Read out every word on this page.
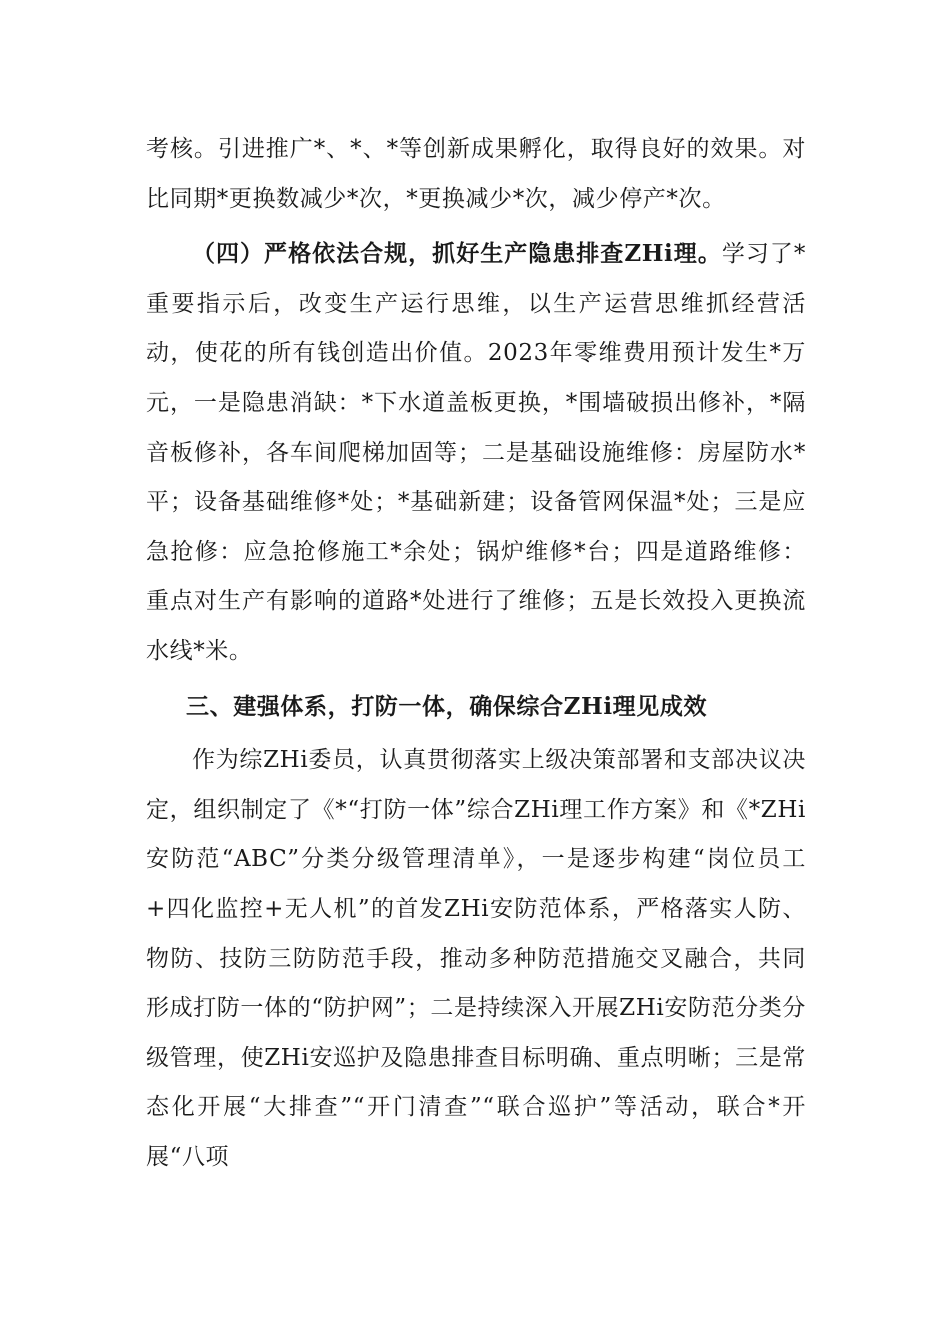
考核。引进推广*、*、*等创新成果孵化，取得良好的效果。对比同期*更换数减少*次，*更换减少*次，减少停产*次。

（四）严格依法合规，抓好生产隐患排查ZHi理。学习了*重要指示后，改变生产运行思维，以生产运营思维抓经营活动，使花的所有钱创造出价值。2023年零维费用预计发生*万元，一是隐患消缺：*下水道盖板更换，*围墙破损出修补，*隔音板修补，各车间爬梯加固等；二是基础设施维修：房屋防水*平；设备基础维修*处；*基础新建；设备管网保温*处；三是应急抢修：应急抢修施工*余处；锅炉维修*台；四是道路维修：重点对生产有影响的道路*处进行了维修；五是长效投入更换流水线*米。

三、建强体系，打防一体，确保综合ZHi理见成效

作为综ZHi委员，认真贯彻落实上级决策部署和支部决议决定，组织制定了《*“打防一体”综合ZHi理工作方案》和《*ZHi安防范“ABC”分类分级管理清单》，一是逐步构建“岗位员工+四化监控+无人机”的首发ZHi安防范体系，严格落实人防、物防、技防三防防范手段，推动多种防范措施交叉融合，共同形成打防一体的“防护网”；二是持续深入开展ZHi安防范分类分级管理，使ZHi安巡护及隐患排查目标明确、重点明晰；三是常态化开展“大排查”“开门清查”“联合巡护”等活动，联合*开展“八项
